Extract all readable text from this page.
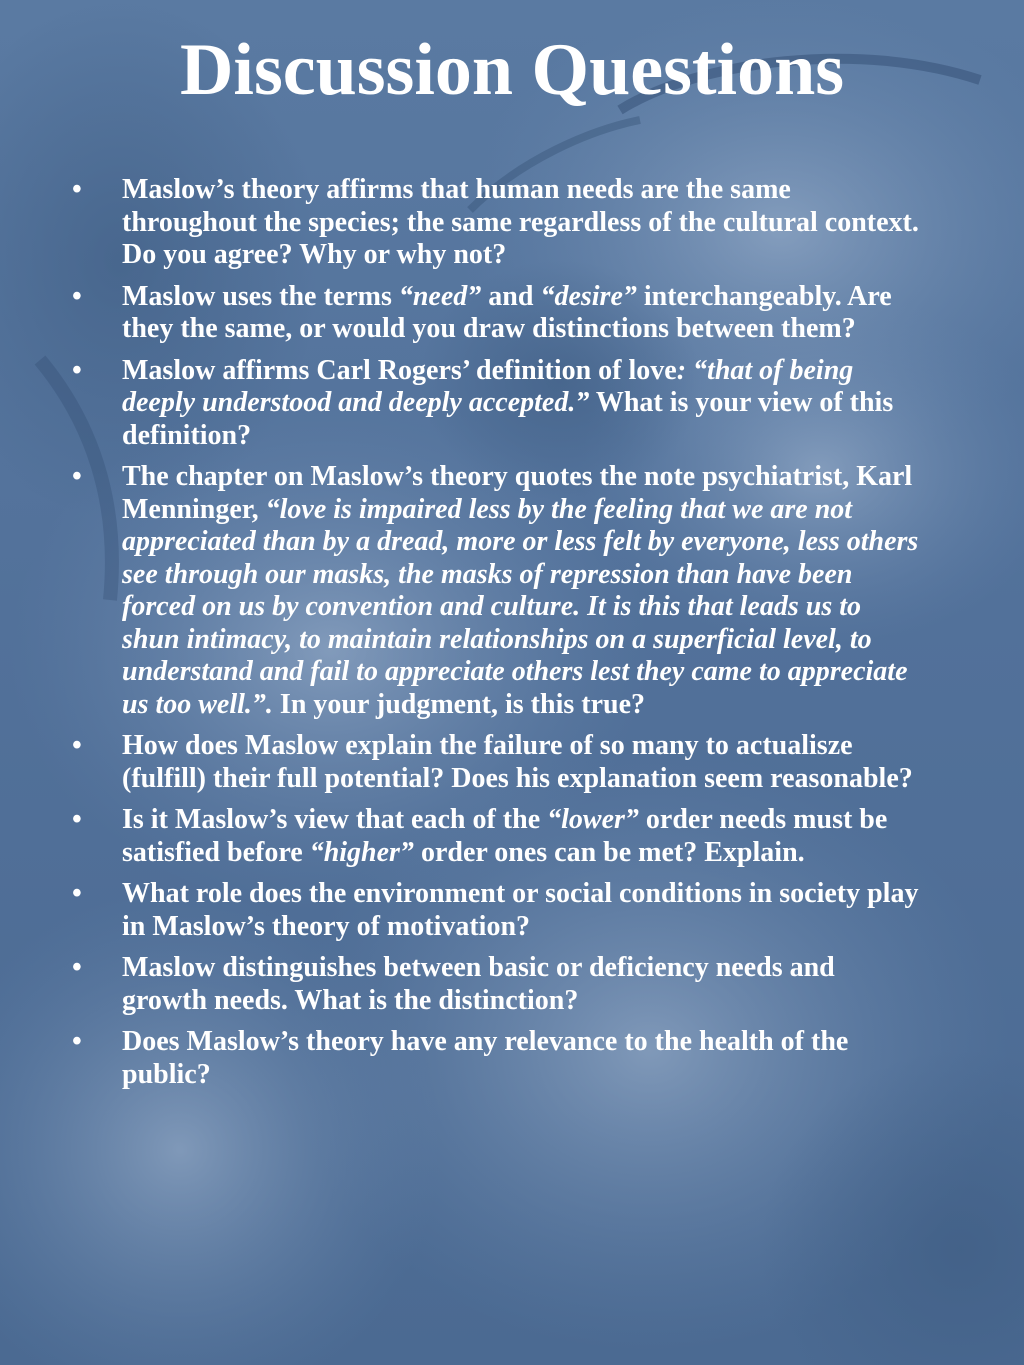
Discussion Questions
• Maslow’s theory affirms that human needs are the same throughout the species; the same regardless of the cultural context. Do you agree? Why or why not?
• Maslow uses the terms “need” and “desire” interchangeably. Are they the same, or would you draw distinctions between them?
• Maslow affirms Carl Rogers’ definition of love: “that of being deeply understood and deeply accepted.” What is your view of this definition?
• The chapter on Maslow’s theory quotes the note psychiatrist, Karl Menninger, “love is impaired less by the feeling that we are not appreciated than by a dread, more or less felt by everyone, less others see through our masks, the masks of repression than have been forced on us by convention and culture. It is this that leads us to shun intimacy, to maintain relationships on a superficial level, to understand and fail to appreciate others lest they came to appreciate us too well.”. In your judgment, is this true?
• How does Maslow explain the failure of so many to actualisze (fulfill) their full potential? Does his explanation seem reasonable?
• Is it Maslow’s view that each of the “lower” order needs must be satisfied before “higher” order ones can be met? Explain.
• What role does the environment or social conditions in society play in Maslow’s theory of motivation?
• Maslow distinguishes between basic or deficiency needs and growth needs. What is the distinction?
• Does Maslow’s theory have any relevance to the health of the public?
